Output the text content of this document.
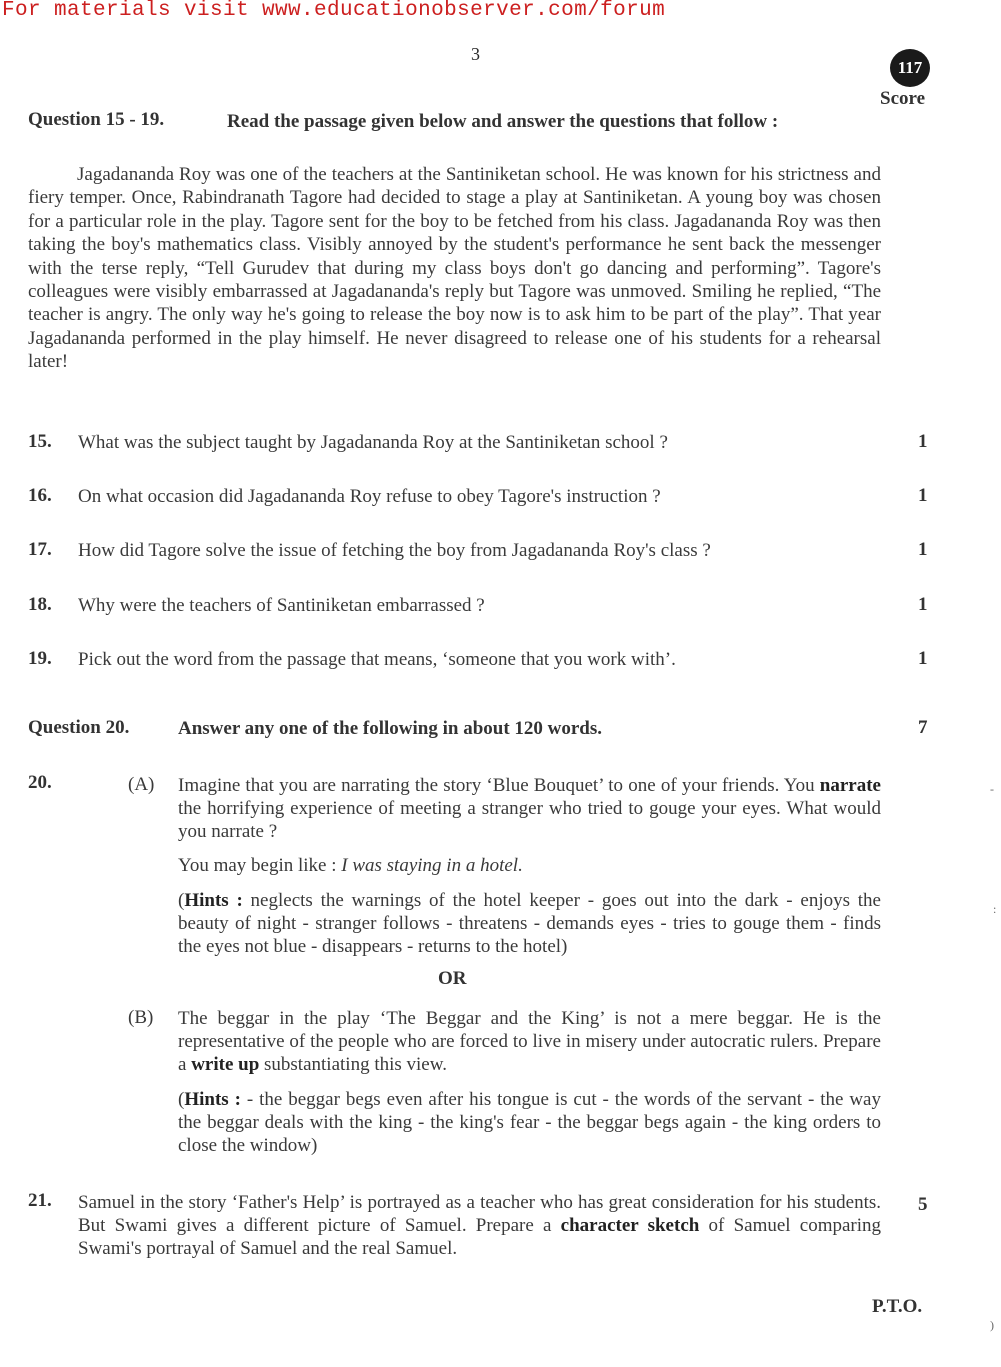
For materials visit www.educationobserver.com/forum
3
117
Score
Question 15 - 19.	Read the passage given below and answer the questions that follow :
Jagadananda Roy was one of the teachers at the Santiniketan school. He was known for his strictness and fiery temper. Once, Rabindranath Tagore had decided to stage a play at Santiniketan. A young boy was chosen for a particular role in the play. Tagore sent for the boy to be fetched from his class. Jagadananda Roy was then taking the boy's mathematics class. Visibly annoyed by the student's performance he sent back the messenger with the terse reply, “Tell Gurudev that during my class boys don't go dancing and performing”. Tagore's colleagues were visibly embarrassed at Jagadananda's reply but Tagore was unmoved. Smiling he replied, “The teacher is angry. The only way he's going to release the boy now is to ask him to be part of the play”. That year Jagadananda performed in the play himself. He never disagreed to release one of his students for a rehearsal later!
15. What was the subject taught by Jagadananda Roy at the Santiniketan school ?	1
16. On what occasion did Jagadananda Roy refuse to obey Tagore's instruction ?	1
17. How did Tagore solve the issue of fetching the boy from Jagadananda Roy's class ?	1
18. Why were the teachers of Santiniketan embarrassed ?	1
19. Pick out the word from the passage that means, ‘someone that you work with’.	1
Question 20.	Answer any one of the following in about 120 words.	7
20.	(A) Imagine that you are narrating the story ‘Blue Bouquet’ to one of your friends. You narrate the horrifying experience of meeting a stranger who tried to gouge your eyes. What would you narrate ?
You may begin like : I was staying in a hotel.
(Hints : neglects the warnings of the hotel keeper - goes out into the dark - enjoys the beauty of night - stranger follows - threatens - demands eyes - tries to gouge them - finds the eyes not blue - disappears - returns to the hotel)
OR
(B) The beggar in the play ‘The Beggar and the King’ is not a mere beggar. He is the representative of the people who are forced to live in misery under autocratic rulers. Prepare a write up substantiating this view.
(Hints : - the beggar begs even after his tongue is cut - the words of the servant - the way the beggar deals with the king - the king's fear - the beggar begs again - the king orders to close the window)
21. Samuel in the story ‘Father's Help’ is portrayed as a teacher who has great consideration for his students. But Swami gives a different picture of Samuel. Prepare a character sketch of Samuel comparing Swami's portrayal of Samuel and the real Samuel.
5
P.T.O.
-
:
)
